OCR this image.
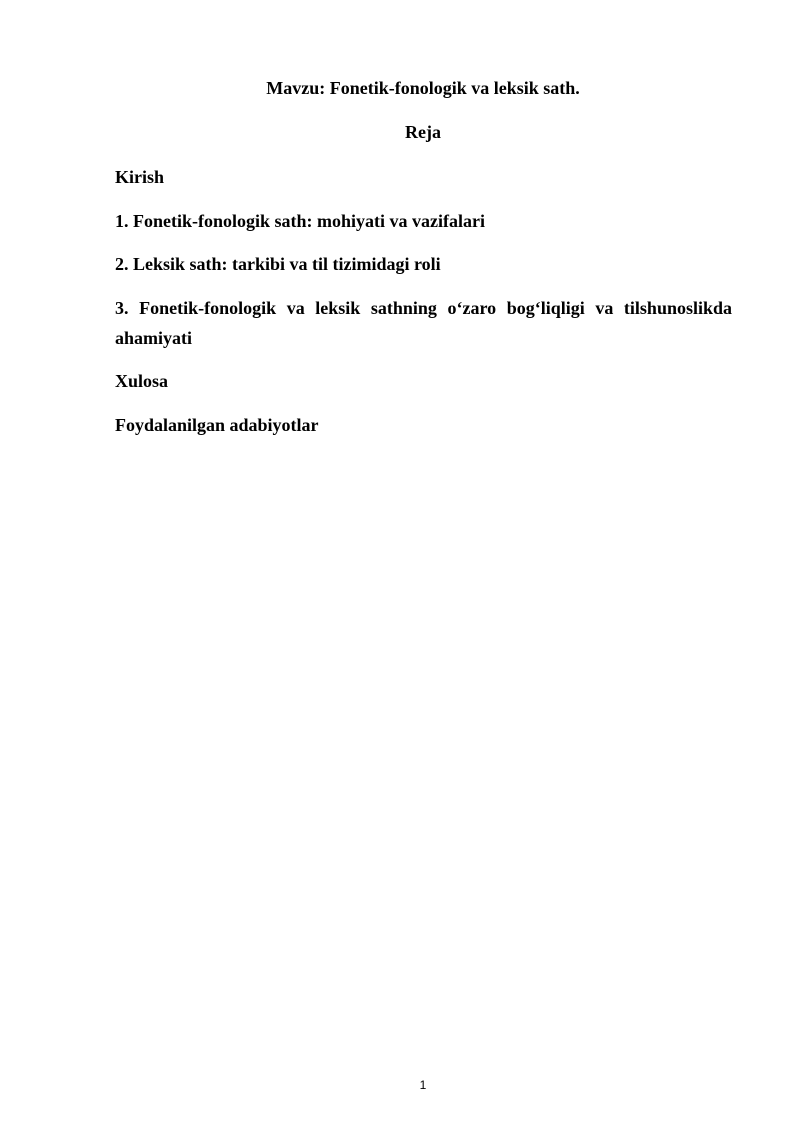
Mavzu: Fonetik-fonologik va leksik sath.
Reja
Kirish
1. Fonetik-fonologik sath: mohiyati va vazifalari
2. Leksik sath: tarkibi va til tizimidagi roli
3. Fonetik-fonologik va leksik sathning o‘zaro bog‘liqligi va tilshunoslikda ahamiyati
Xulosa
Foydalanilgan adabiyotlar
1
